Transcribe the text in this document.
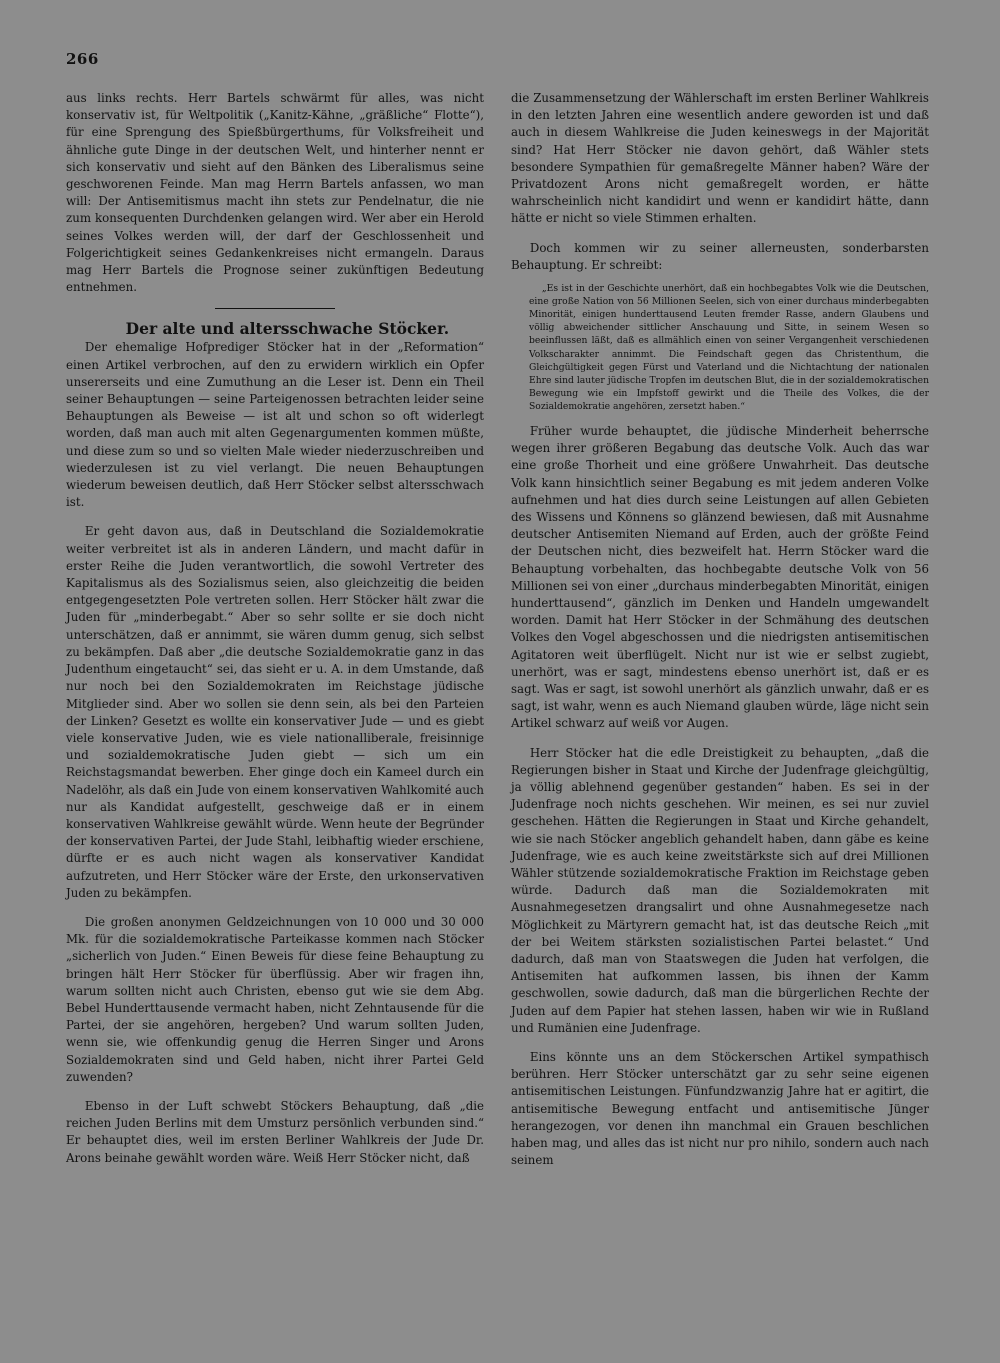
266

aus links rechts. Herr Bartels schwärmt für alles, was nicht konservativ ist, für Weltpolitik („Kanitz-Kähne, „gräßliche“ Flotte“), für eine Sprengung des Spießbürgerthums, für Volksfreiheit und ähnliche gute Dinge in der deutschen Welt, und hinterher nennt er sich konservativ und sieht auf den Bänken des Liberalismus seine geschworenen Feinde. Man mag Herrn Bartels anfassen, wo man will: Der Antisemitismus macht ihn stets zur Pendelnatur, die nie zum konsequenten Durchdenken gelangen wird. Wer aber ein Herold seines Volkes werden will, der darf der Geschlossenheit und Folgerichtigkeit seines Gedankenkreises nicht ermangeln. Daraus mag Herr Bartels die Prognose seiner zukünftigen Bedeutung entnehmen.

Der alte und altersschwache Stöcker.

Der ehemalige Hofprediger Stöcker hat in der „Reformation“ einen Artikel verbrochen, auf den zu erwidern wirklich ein Opfer unsererseits und eine Zumuthung an die Leser ist. Denn ein Theil seiner Behauptungen — seine Parteigenossen betrachten leider seine Behauptungen als Beweise — ist alt und schon so oft widerlegt worden, daß man auch mit alten Gegenargumenten kommen müßte, und diese zum so und so vielten Male wieder niederzuschreiben und wiederzulesen ist zu viel verlangt. Die neuen Behauptungen wiederum beweisen deutlich, daß Herr Stöcker selbst altersschwach ist.

Er geht davon aus, daß in Deutschland die Sozialdemokratie weiter verbreitet ist als in anderen Ländern, und macht dafür in erster Reihe die Juden verantwortlich, die sowohl Vertreter des Kapitalismus als des Sozialismus seien, also gleichzeitig die beiden entgegengesetzten Pole vertreten sollen. Herr Stöcker hält zwar die Juden für „minderbegabt.“ Aber so sehr sollte er sie doch nicht unterschätzen, daß er annimmt, sie wären dumm genug, sich selbst zu bekämpfen. Daß aber „die deutsche Sozialdemokratie ganz in das Judenthum eingetaucht“ sei, das sieht er u. A. in dem Umstande, daß nur noch bei den Sozialdemokraten im Reichstage jüdische Mitglieder sind. Aber wo sollen sie denn sein, als bei den Parteien der Linken? Gesetzt es wollte ein konservativer Jude — und es giebt viele konservative Juden, wie es viele nationalliberale, freisinnige und sozialdemokratische Juden giebt — sich um ein Reichstagsmandat bewerben. Eher ginge doch ein Kameel durch ein Nadelöhr, als daß ein Jude von einem konservativen Wahlkomité auch nur als Kandidat aufgestellt, geschweige daß er in einem konservativen Wahlkreise gewählt würde. Wenn heute der Begründer der konservativen Partei, der Jude Stahl, leibhaftig wieder erschiene, dürfte er es auch nicht wagen als konservativer Kandidat aufzutreten, und Herr Stöcker wäre der Erste, den urkonservativen Juden zu bekämpfen.

Die großen anonymen Geldzeichnungen von 10 000 und 30 000 Mk. für die sozialdemokratische Parteikasse kommen nach Stöcker „sicherlich von Juden.“ Einen Beweis für diese feine Behauptung zu bringen hält Herr Stöcker für überflüssig. Aber wir fragen ihn, warum sollten nicht auch Christen, ebenso gut wie sie dem Abg. Bebel Hunderttausende vermacht haben, nicht Zehntausende für die Partei, der sie angehören, hergeben? Und warum sollten Juden, wenn sie, wie offenkundig genug die Herren Singer und Arons Sozialdemokraten sind und Geld haben, nicht ihrer Partei Geld zuwenden?

Ebenso in der Luft schwebt Stöckers Behauptung, daß „die reichen Juden Berlins mit dem Umsturz persönlich verbunden sind.“ Er behauptet dies, weil im ersten Berliner Wahlkreis der Jude Dr. Arons beinahe gewählt worden wäre. Weiß Herr Stöcker nicht, daß

die Zusammensetzung der Wählerschaft im ersten Berliner Wahlkreis in den letzten Jahren eine wesentlich andere geworden ist und daß auch in diesem Wahlkreise die Juden keineswegs in der Majorität sind? Hat Herr Stöcker nie davon gehört, daß Wähler stets besondere Sympathien für gemaßregelte Männer haben? Wäre der Privatdozent Arons nicht gemaßregelt worden, er hätte wahrscheinlich nicht kandidirt und wenn er kandidirt hätte, dann hätte er nicht so viele Stimmen erhalten.

Doch kommen wir zu seiner allerneusten, sonderbarsten Behauptung. Er schreibt:

„Es ist in der Geschichte unerhört, daß ein hochbegabtes Volk wie die Deutschen, eine große Nation von 56 Millionen Seelen, sich von einer durchaus minderbegabten Minorität, einigen hunderttausend Leuten fremder Rasse, andern Glaubens und völlig abweichender sittlicher Anschauung und Sitte, in seinem Wesen so beeinflussen läßt, daß es allmählich einen von seiner Vergangenheit verschiedenen Volkscharakter annimmt. Die Feindschaft gegen das Christenthum, die Gleichgültigkeit gegen Fürst und Vaterland und die Nichtachtung der nationalen Ehre sind lauter jüdische Tropfen im deutschen Blut, die in der sozialdemokratischen Bewegung wie ein Impfstoff gewirkt und die Theile des Volkes, die der Sozialdemokratie angehören, zersetzt haben.“

Früher wurde behauptet, die jüdische Minderheit beherrsche wegen ihrer größeren Begabung das deutsche Volk. Auch das war eine große Thorheit und eine größere Unwahrheit. Das deutsche Volk kann hinsichtlich seiner Begabung es mit jedem anderen Volke aufnehmen und hat dies durch seine Leistungen auf allen Gebieten des Wissens und Könnens so glänzend bewiesen, daß mit Ausnahme deutscher Antisemiten Niemand auf Erden, auch der größte Feind der Deutschen nicht, dies bezweifelt hat. Herrn Stöcker ward die Behauptung vorbehalten, das hochbegabte deutsche Volk von 56 Millionen sei von einer „durchaus minderbegabten Minorität, einigen hunderttausend“, gänzlich im Denken und Handeln umgewandelt worden. Damit hat Herr Stöcker in der Schmähung des deutschen Volkes den Vogel abgeschossen und die niedrigsten antisemitischen Agitatoren weit überflügelt. Nicht nur ist wie er selbst zugiebt, unerhört, was er sagt, mindestens ebenso unerhört ist, daß er es sagt. Was er sagt, ist sowohl unerhört als gänzlich unwahr, daß er es sagt, ist wahr, wenn es auch Niemand glauben würde, läge nicht sein Artikel schwarz auf weiß vor Augen.

Herr Stöcker hat die edle Dreistigkeit zu behaupten, „daß die Regierungen bisher in Staat und Kirche der Judenfrage gleichgültig, ja völlig ablehnend gegenüber gestanden“ haben. Es sei in der Judenfrage noch nichts geschehen. Wir meinen, es sei nur zuviel geschehen. Hätten die Regierungen in Staat und Kirche gehandelt, wie sie nach Stöcker angeblich gehandelt haben, dann gäbe es keine Judenfrage, wie es auch keine zweitstärkste sich auf drei Millionen Wähler stützende sozialdemokratische Fraktion im Reichstage geben würde. Dadurch daß man die Sozialdemokraten mit Ausnahmegesetzen drangsalirt und ohne Ausnahmegesetze nach Möglichkeit zu Märtyrern gemacht hat, ist das deutsche Reich „mit der bei Weitem stärksten sozialistischen Partei belastet.“ Und dadurch, daß man von Staatswegen die Juden hat verfolgen, die Antisemiten hat aufkommen lassen, bis ihnen der Kamm geschwollen, sowie dadurch, daß man die bürgerlichen Rechte der Juden auf dem Papier hat stehen lassen, haben wir wie in Rußland und Rumänien eine Judenfrage.

Eins könnte uns an dem Stöckerschen Artikel sympathisch berühren. Herr Stöcker unterschätzt gar zu sehr seine eigenen antisemitischen Leistungen. Fünfundzwanzig Jahre hat er agitirt, die antisemitische Bewegung entfacht und antisemitische Jünger herangezogen, vor denen ihn manchmal ein Grauen beschlichen haben mag, und alles das ist nicht nur pro nihilo, sondern auch nach seinem
